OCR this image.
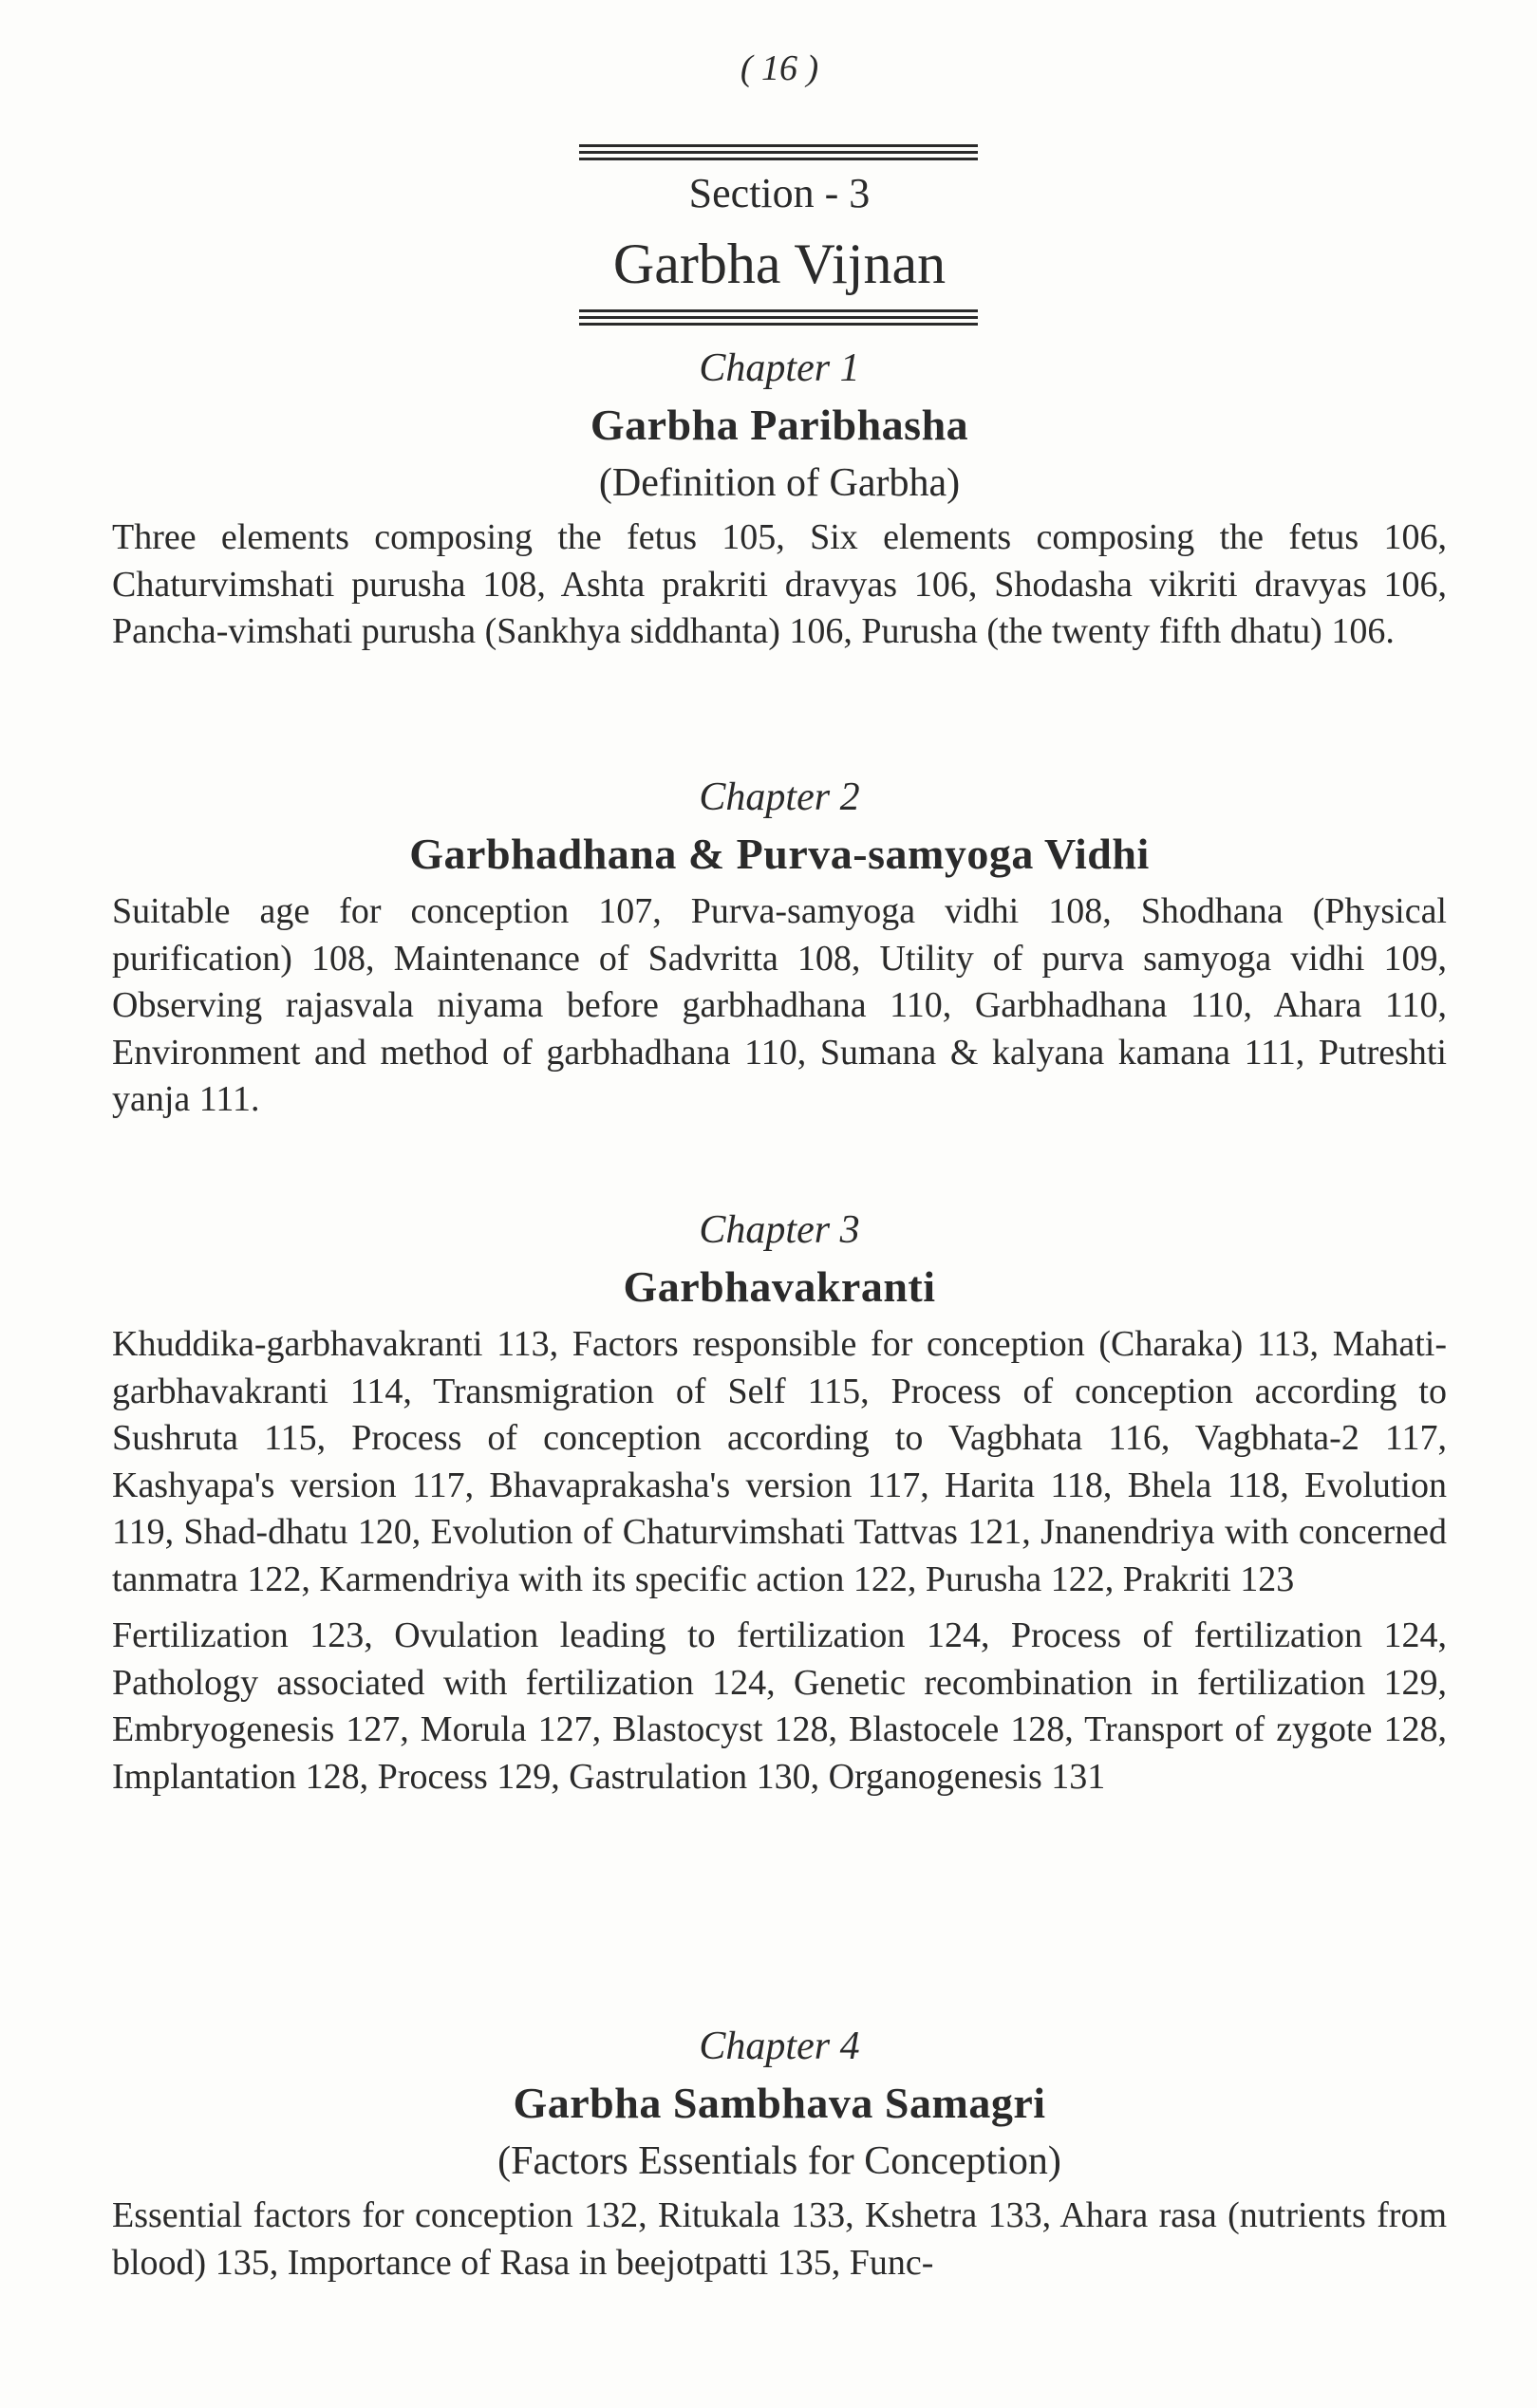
( 16 )
Section - 3
Garbha Vijnan
Chapter 1
Garbha Paribhasha
(Definition of Garbha)

Three elements composing the fetus 105, Six elements composing the fetus 106, Chaturvimshati purusha 108, Ashta prakriti dravyas 106, Shodasha vikriti dravyas 106, Pancha-vimshati purusha (Sankhya siddhanta) 106, Purusha (the twenty fifth dhatu) 106.

Chapter 2
Garbhadhana & Purva-samyoga Vidhi

Suitable age for conception 107, Purva-samyoga vidhi 108, Shodhana (Physical purification) 108, Maintenance of Sadvritta 108, Utility of purva samyoga vidhi 109, Observing rajasvala niyama before garbhadhana 110, Garbhadhana 110, Ahara 110, Environment and method of garbhadhana 110, Sumana & kalyana kamana 111, Putreshti yanja 111.

Chapter 3
Garbhavakranti

Khuddika-garbhavakranti 113, Factors responsible for conception (Charaka) 113, Mahati-garbhavakranti 114, Transmigration of Self 115, Process of conception according to Sushruta 115, Process of conception according to Vagbhata 116, Vagbhata-2 117, Kashyapa's version 117, Bhavaprakasha's version 117, Harita 118, Bhela 118, Evolution 119, Shad-dhatu 120, Evolution of Chaturvimshati Tattvas 121, Jnanendriya with concerned tanmatra 122, Karmendriya with its specific action 122, Purusha 122, Prakriti 123

Fertilization 123, Ovulation leading to fertilization 124, Process of fertilization 124, Pathology associated with fertilization 124, Genetic recombination in fertilization 129, Embryogenesis 127, Morula 127, Blastocyst 128, Blastocele 128, Transport of zygote 128, Implantation 128, Process 129, Gastrulation 130, Organogenesis 131

Chapter 4
Garbha Sambhava Samagri
(Factors Essentials for Conception)

Essential factors for conception 132, Ritukala 133, Kshetra 133, Ahara rasa (nutrients from blood) 135, Importance of Rasa in beejotpatti 135, Func-
